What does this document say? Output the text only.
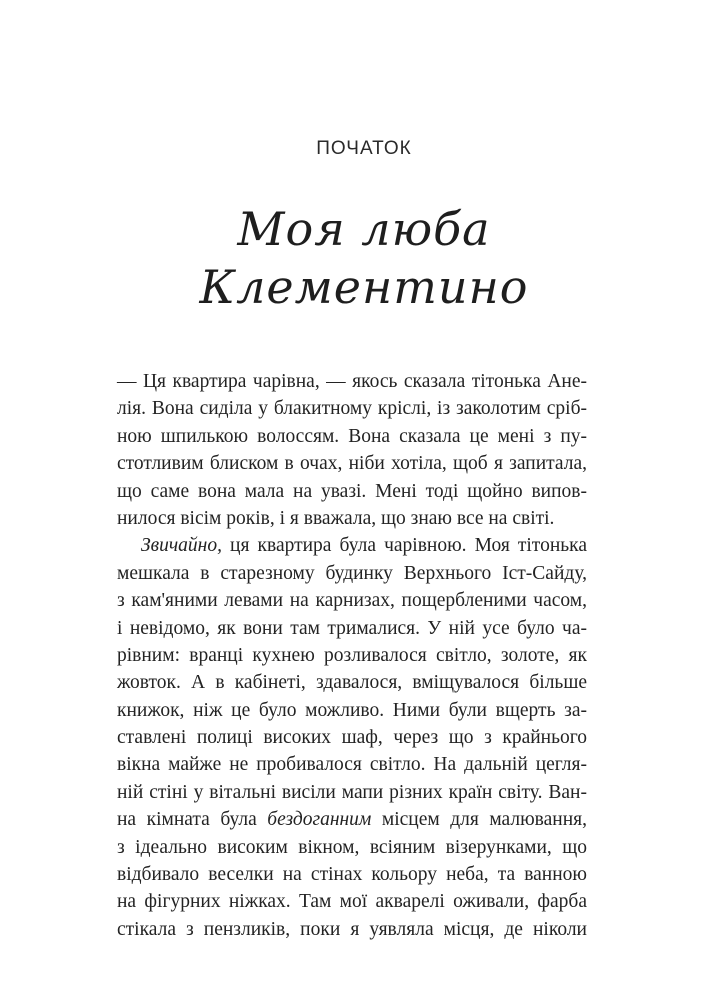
ПОЧАТОК
Моя люба
Клементино
— Ця квартира чарівна, — якось сказала тітонька Ане-
лія. Вона сиділа у блакитному кріслі, із заколотим сріб-
ною шпилькою волоссям. Вона сказала це мені з пу-
стотливим блиском в очах, ніби хотіла, щоб я запитала,
що саме вона мала на увазі. Мені тоді щойно випов-
нилося вісім років, і я вважала, що знаю все на світі.
Звичайно, ця квартира була чарівною. Моя тітонька
мешкала в старезному будинку Верхнього Іст-Сайду,
з кам'яними левами на карнизах, пощербленими часом,
і невідомо, як вони там трималися. У ній усе було ча-
рівним: вранці кухнею розливалося світло, золоте, як
жовток. А в кабінеті, здавалося, вміщувалося більше
книжок, ніж це було можливо. Ними були вщерть за-
ставлені полиці високих шаф, через що з крайнього
вікна майже не пробивалося світло. На дальній цегля-
ній стіні у вітальні висіли мапи різних країн світу. Ван-
на кімната була бездоганним місцем для малювання,
з ідеально високим вікном, всіяним візерунками, що
відбивало веселки на стінах кольору неба, та ванною
на фігурних ніжках. Там мої акварелі оживали, фарба
стікала з пензликів, поки я уявляла місця, де ніколи
